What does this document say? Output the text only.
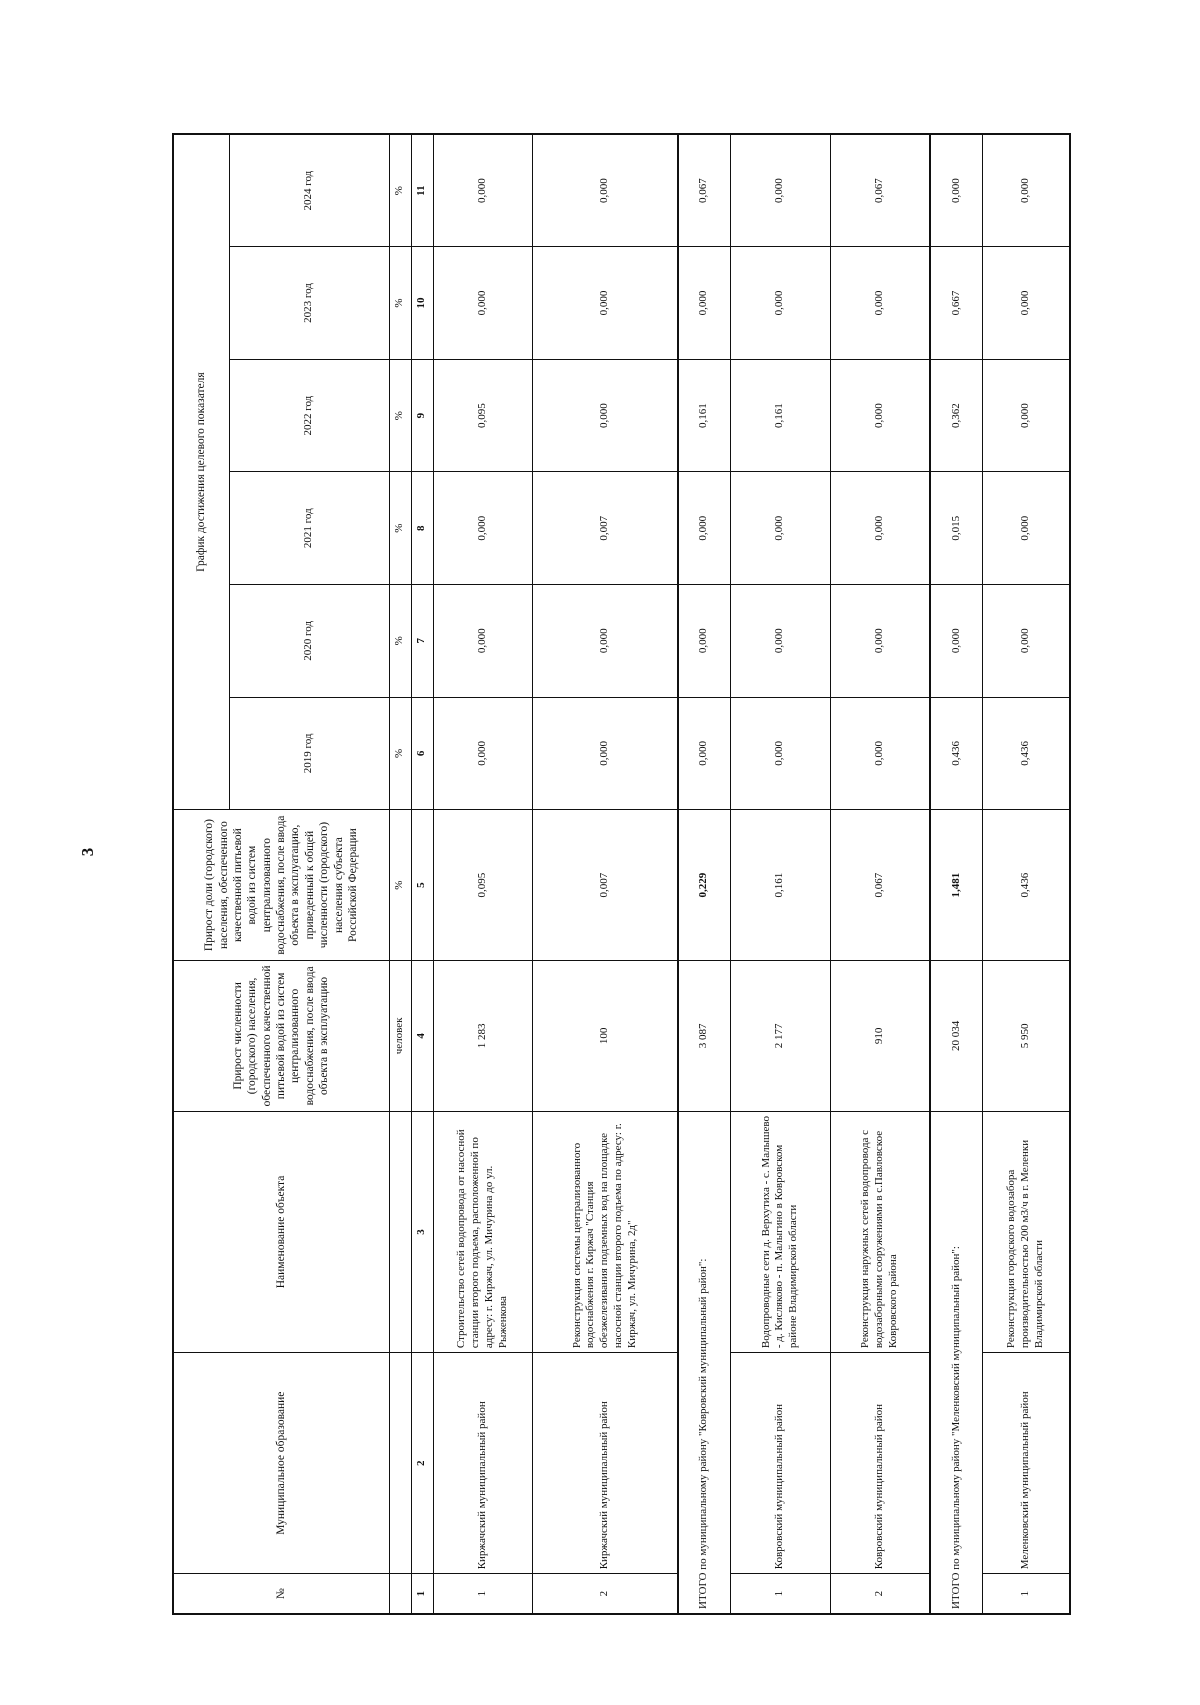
3
№	Муниципальное образование	Наименование объекта	Прирост численности (городского) населения, обеспеченного качественной питьевой водой из систем централизованного водоснабжения, после ввода объекта в эксплуатацию	Прирост доли (городского) населения, обеспеченного качественной питьевой водой из систем централизованного водоснабжения, после ввода объекта в эксплуатацию, приведенный к общей численности (городского) населения субъекта Российской Федерации	График достижения целевого показателя					
					2019 год	2020 год	2021 год	2022 год	2023 год	2024 год
			человек	%	%	%	%	%	%	%
1	2	3	4	5	6	7	8	9	10	11
1	Киржачский муниципальный район	Строительство сетей водопровода от насосной станции второго подъема, расположенной по адресу: г. Киржач, ул. Мичурина до ул. Рыженкова	1 283	0,095	0,000	0,000	0,000	0,095	0,000	0,000
2	Киржачский муниципальный район	Реконструкция системы централизованного водоснабжения г. Киржач "Станция обезжелезивания подземных вод на площадке насосной станции второго подъема по адресу: г. Киржач, ул. Мичурина, 2д"	100	0,007	0,000	0,000	0,007	0,000	0,000	0,000
ИТОГО по муниципальному району "Ковровский муниципальный район":			3 087	0,229	0,000	0,000	0,000	0,161	0,000	0,067
1	Ковровский муниципальный район	Водопроводные сети д. Верхутиха - с. Малышево - д. Кисляково - п. Малыгино в Ковровском районе Владимирской области	2 177	0,161	0,000	0,000	0,000	0,161	0,000	0,000
2	Ковровский муниципальный район	Реконструкция наружных сетей водопровода с водозаборными сооружениями в с.Павловское Ковровского района	910	0,067	0,000	0,000	0,000	0,000	0,000	0,067
ИТОГО по муниципальному району "Меленковский муниципальный район":			20 034	1,481	0,436	0,000	0,015	0,362	0,667	0,000
1	Меленковский муниципальный район	Реконструкция городского водозабора производительностью 200 м3/ч в г. Меленки Владимирской области	5 950	0,436	0,436	0,000	0,000	0,000	0,000	0,000
